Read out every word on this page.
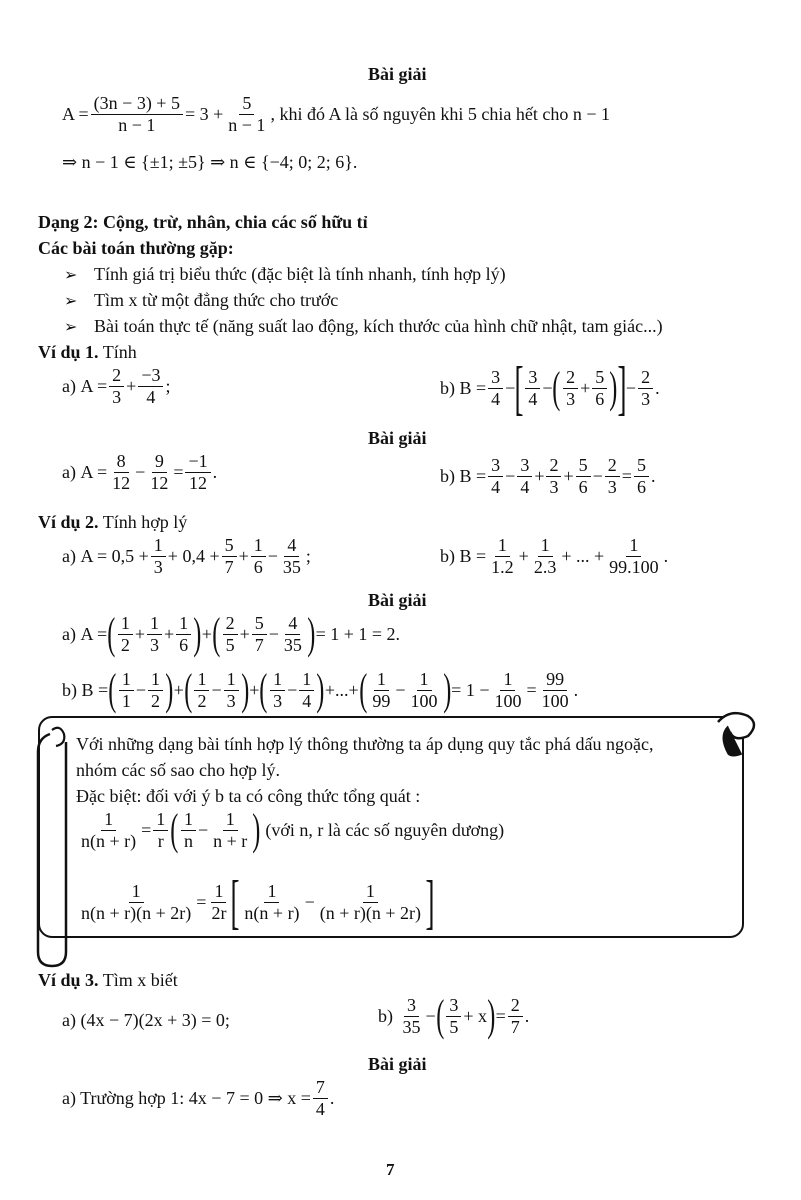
Bài giải
$A = \frac{(3n - 3) + 5}{n - 1} = 3 + \frac{5}{n - 1}$ , khi đó A là số nguyên khi 5 chia hết cho n − 1
⇒ n − 1 ∈ {±1; ±5} ⇒ n ∈ {−4; 0; 2; 6}.
Dạng 2: Cộng, trừ, nhân, chia các số hữu tỉ
Các bài toán thường gặp:
➢ Tính giá trị biểu thức (đặc biệt là tính nhanh, tính hợp lý)
➢ Tìm x từ một đẳng thức cho trước
➢ Bài toán thực tế (năng suất lao động, kích thước của hình chữ nhật, tam giác...)
Ví dụ 1. Tính
a) $A = \frac{2}{3} + \frac{-3}{4}$ ;	b) $B = \frac{3}{4}$ − [ $\frac{3}{4}$ − ( $\frac{2}{3} + \frac{5}{6}$ ) ] − $\frac{2}{3}$ .
Bài giải
a) $A = \frac{8}{12} - \frac{9}{12} = \frac{-1}{12}$ .	b) $B = \frac{3}{4} - \frac{3}{4} + \frac{2}{3} + \frac{5}{6} - \frac{2}{3} = \frac{5}{6}$ .
Ví dụ 2. Tính hợp lý
a)
$A = 0,5 + \frac{1}{3} + 0,4 + \frac{5}{7} + \frac{1}{6} - \frac{4}{35}$ ;	b) $B = \frac{1}{1.2} + \frac{1}{2.3}$ + ... + $\frac{1}{99.100}$ .
Bài giải
a) A = ( $\frac{1}{2} + \frac{1}{3} + \frac{1}{6}$ ) + ( $\frac{2}{5} + \frac{5}{7} - \frac{4}{35}$ ) = 1 + 1 = 2.
b) B = ( $\frac{1}{1} - \frac{1}{2}$ ) + ( $\frac{1}{2} - \frac{1}{3}$ ) + ( $\frac{1}{3} - \frac{1}{4}$ ) +...+ ( $\frac{1}{99} - \frac{1}{100}$ ) = $1 - \frac{1}{100} = \frac{99}{100}$ .
Với những dạng bài tính hợp lý thông thường ta áp dụng quy tắc phá dấu ngoặc,
nhóm các số sao cho hợp lý.
Đặc biệt: đối với ý b ta có công thức tổng quát :
$\frac{1}{n(n + r)} = \frac{1}{r}$ ( $\frac{1}{n} - \frac{1}{n + r}$ )
(với n, r là các số nguyên dương)
$\frac{1}{n(n + r)(n + 2r)} = \frac{1}{2r}$ [ $\frac{1}{n(n + r)} - \frac{1}{(n + r)(n + 2r)}$ ]
Ví dụ 3. Tìm x biết
a) (4x − 7)(2x + 3) = 0;	b)
$\frac{3}{35}$ − ( $\frac{3}{5} + x$ ) = $\frac{2}{7}$ .
Bài giải
a) Trường hợp 1: 4x − 7 = 0 ⇒ $x = \frac{7}{4}$ .
7
